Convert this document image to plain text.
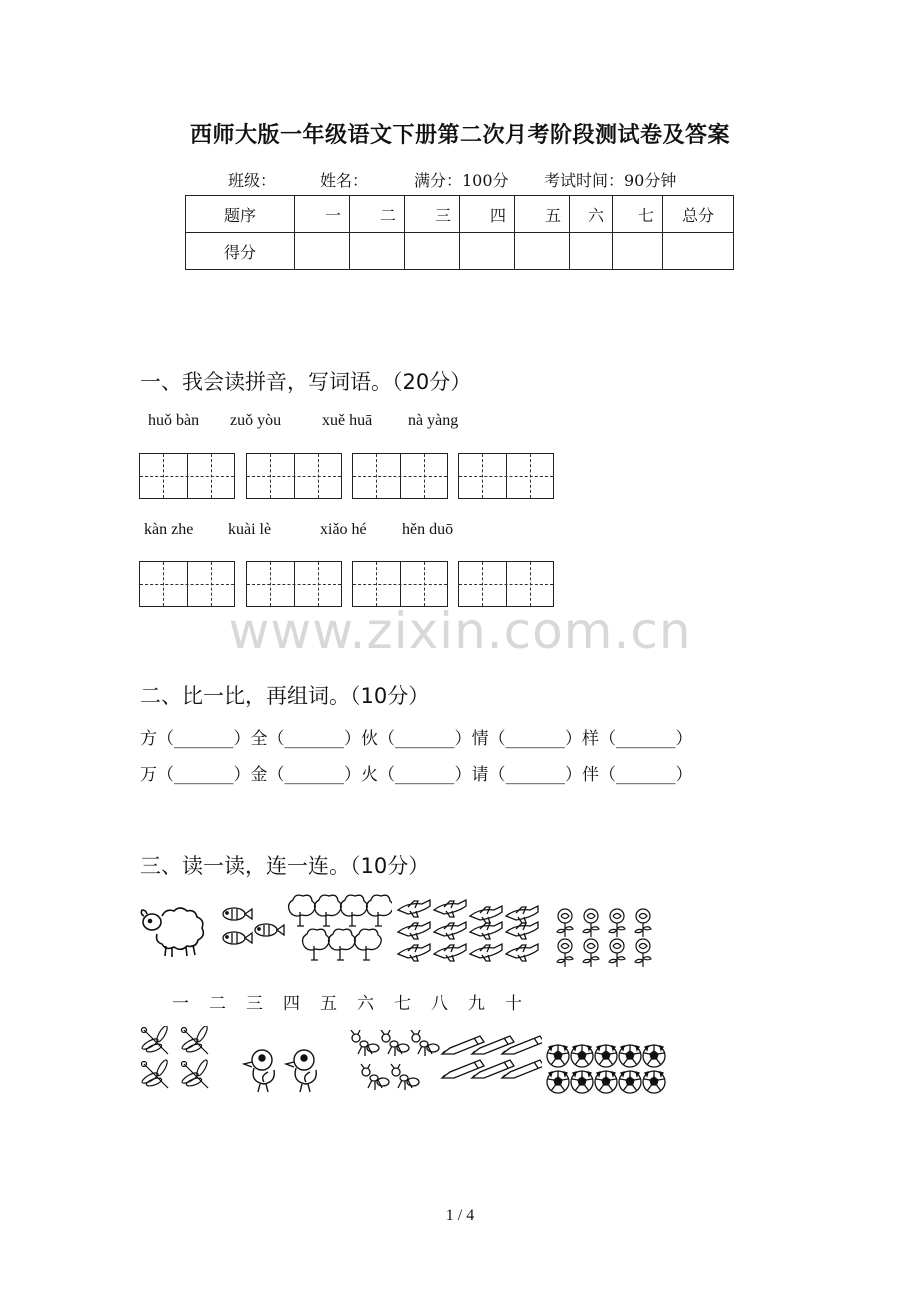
西师大版一年级语文下册第二次月考阶段测试卷及答案
班级：	姓名：	满分：100分 考试时间：90分钟
题序	一	二	三	四	五	六	七	总分
得分								
一、我会读拼音，写词语。（20分）
huǒ bàn zuǒ yòu	xuě huā nà yàng
kàn zhe kuài lè	xiǎo hé hěn duō
www.zixin.com.cn
二、比一比，再组词。（10分）
方（_______）全（_______）伙（_______）情（_______）样（_______）
万（_______）金（_______）火（_______）请（_______）伴（_______）
三、读一读，连一连。（10分）
一 二 三 四 五 六 七 八 九 十
1 / 4
